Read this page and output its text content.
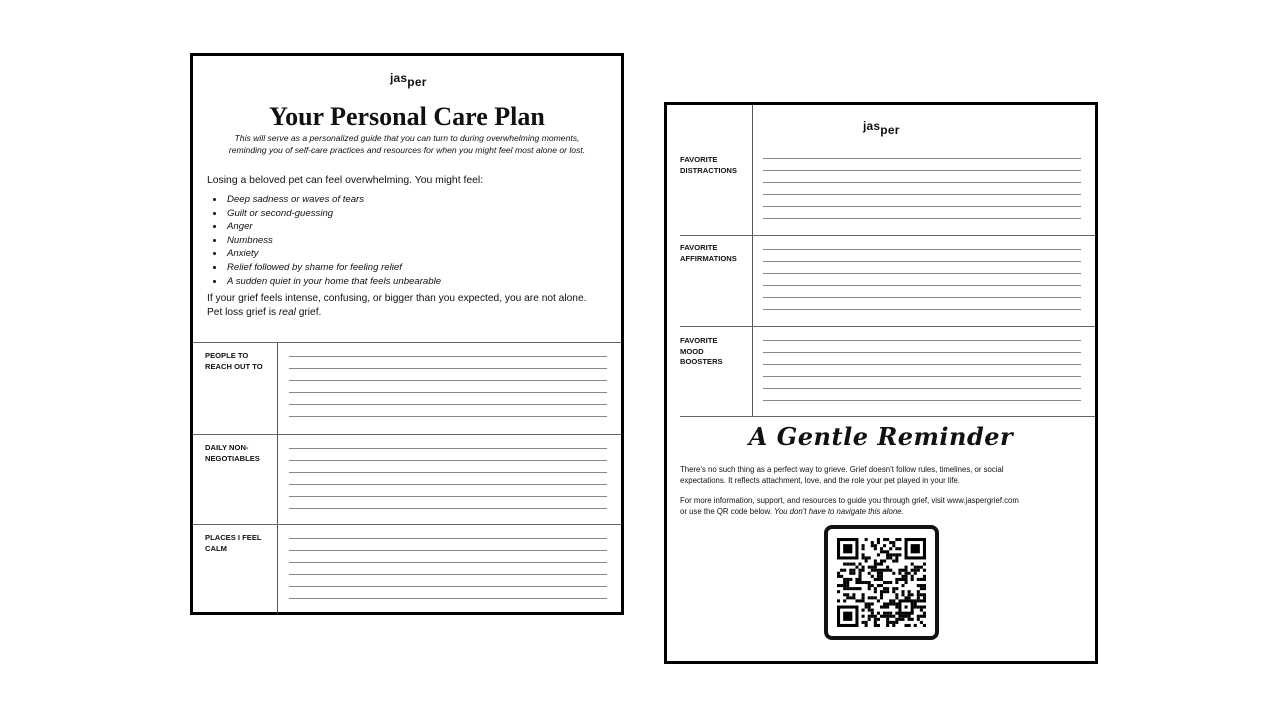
jasper
Your Personal Care Plan

This will serve as a personalized guide that you can turn to during overwhelming moments,
reminding you of self-care practices and resources for when you might feel most alone or lost.

Losing a beloved pet can feel overwhelming. You might feel:

• Deep sadness or waves of tears
• Guilt or second-guessing
• Anger
• Numbness
• Anxiety
• Relief followed by shame for feeling relief
• A sudden quiet in your home that feels unbearable

If your grief feels intense, confusing, or bigger than you expected, you are not alone.
Pet loss grief is real grief.

PEOPLE TO
REACH OUT TO
DAILY NON-
NEGOTIABLES
PLACES I FEEL
CALM
jasper
FAVORITE
DISTRACTIONS
FAVORITE
AFFIRMATIONS
FAVORITE
MOOD
BOOSTERS
A Gentle Reminder

There’s no such thing as a perfect way to grieve. Grief doesn’t follow rules, timelines, or social
expectations. It reflects attachment, love, and the role your pet played in your life.

For more information, support, and resources to guide you through grief, visit www.jaspergrief.com
or use the QR code below. You don’t have to navigate this alone.
